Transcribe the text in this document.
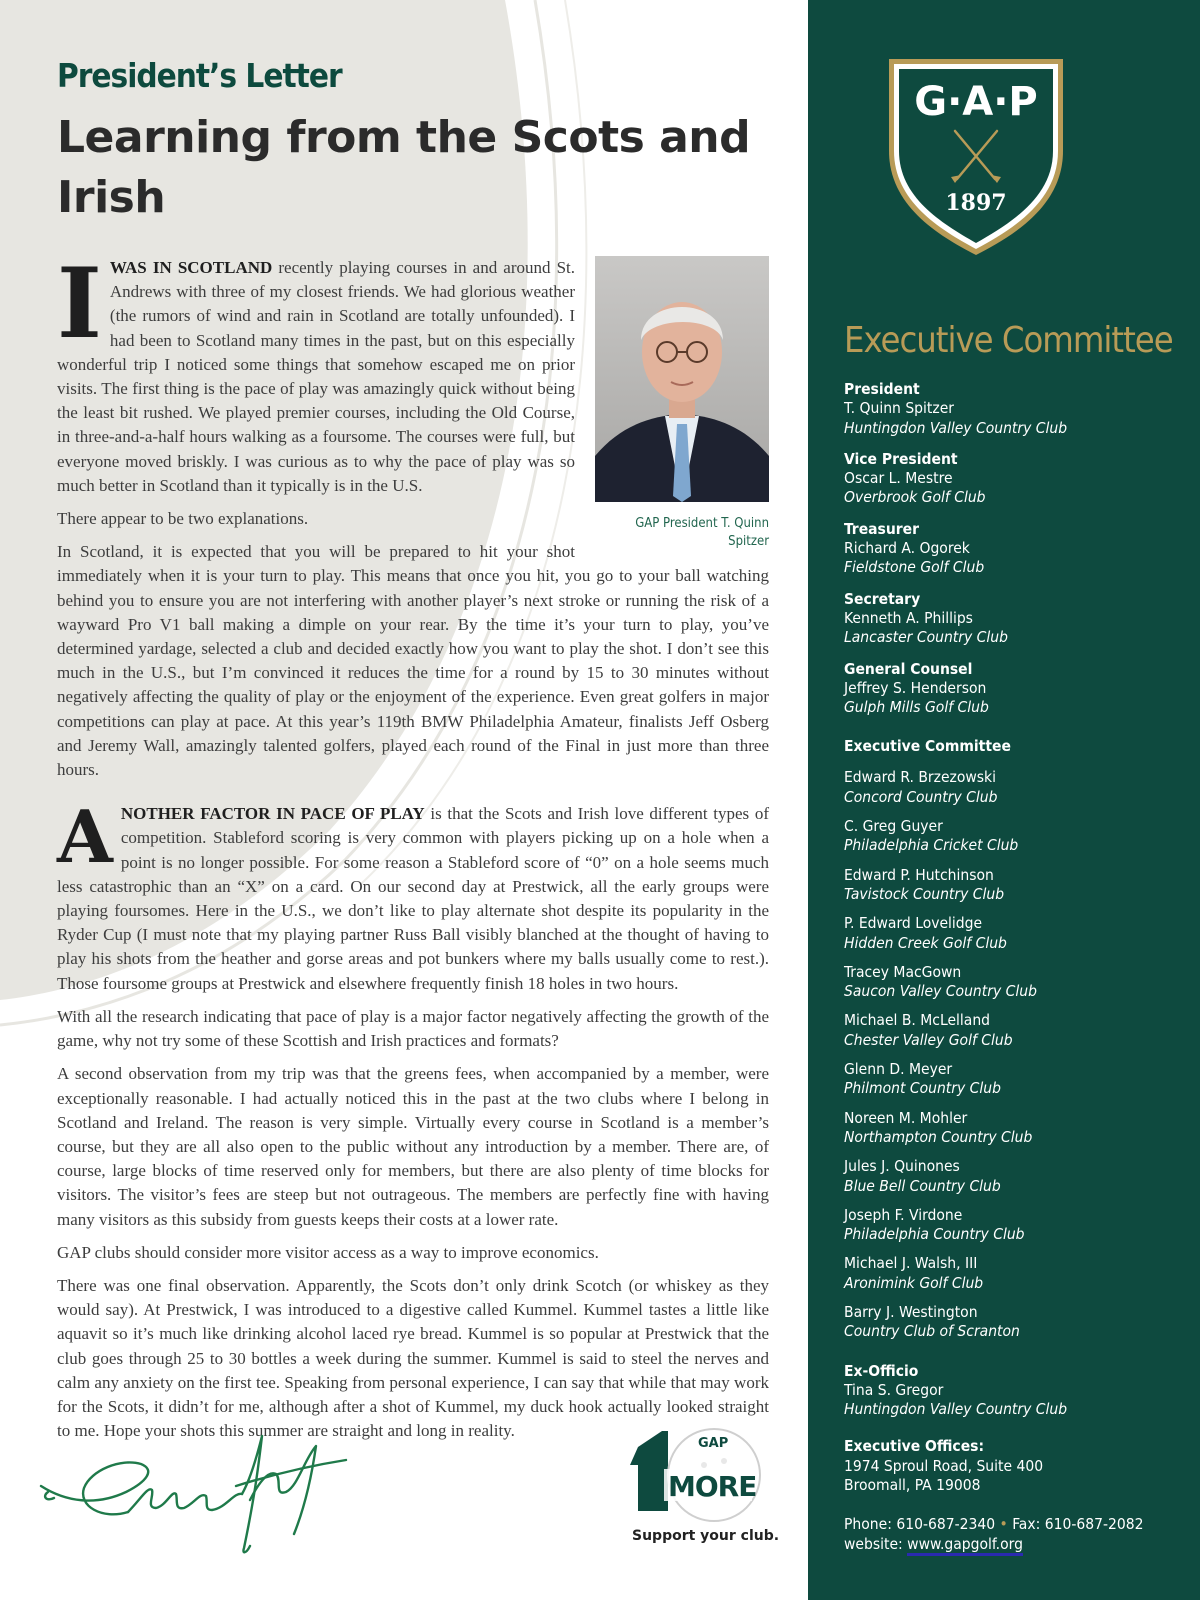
President’s Letter
Learning from the Scots and Irish
GAP President T. Quinn Spitzer

IWAS IN SCOTLAND recently playing courses in and around St. Andrews with three of my closest friends. We had glorious weather (the rumors of wind and rain in Scotland are totally unfounded). I had been to Scotland many times in the past, but on this especially wonderful trip I noticed some things that somehow escaped me on prior visits. The first thing is the pace of play was amazingly quick without being the least bit rushed. We played premier courses, including the Old Course, in three-and-a-half hours walking as a foursome. The courses were full, but everyone moved briskly. I was curious as to why the pace of play was so much better in Scotland than it typically is in the U.S.

There appear to be two explanations.

In Scotland, it is expected that you will be prepared to hit your shot immediately when it is your turn to play. This means that once you hit, you go to your ball watching behind you to ensure you are not interfering with another player’s next stroke or running the risk of a wayward Pro V1 ball making a dimple on your rear. By the time it’s your turn to play, you’ve determined yardage, selected a club and decided exactly how you want to play the shot. I don’t see this much in the U.S., but I’m convinced it reduces the time for a round by 15 to 30 minutes without negatively affecting the quality of play or the enjoyment of the experience. Even great golfers in major competitions can play at pace. At this year’s 119th BMW Philadelphia Amateur, finalists Jeff Osberg and Jeremy Wall, amazingly talented golfers, played each round of the Final in just more than three hours.

ANOTHER FACTOR IN PACE OF PLAY is that the Scots and Irish love different types of competition. Stableford scoring is very common with players picking up on a hole when a point is no longer possible. For some reason a Stableford score of “0” on a hole seems much less catastrophic than an “X” on a card. On our second day at Prestwick, all the early groups were playing foursomes. Here in the U.S., we don’t like to play alternate shot despite its popularity in the Ryder Cup (I must note that my playing partner Russ Ball visibly blanched at the thought of having to play his shots from the heather and gorse areas and pot bunkers where my balls usually come to rest.). Those foursome groups at Prestwick and elsewhere frequently finish 18 holes in two hours.

With all the research indicating that pace of play is a major factor negatively affecting the growth of the game, why not try some of these Scottish and Irish practices and formats?

A second observation from my trip was that the greens fees, when accompanied by a member, were exceptionally reasonable. I had actually noticed this in the past at the two clubs where I belong in Scotland and Ireland. The reason is very simple. Virtually every course in Scotland is a member’s course, but they are all also open to the public without any introduction by a member. There are, of course, large blocks of time reserved only for members, but there are also plenty of time blocks for visitors. The visitor’s fees are steep but not outrageous. The members are perfectly fine with having many visitors as this subsidy from guests keeps their costs at a lower rate.

GAP clubs should consider more visitor access as a way to improve economics.

There was one final observation. Apparently, the Scots don’t only drink Scotch (or whiskey as they would say). At Prestwick, I was introduced to a digestive called Kummel. Kummel tastes a little like aquavit so it’s much like drinking alcohol laced rye bread. Kummel is so popular at Prestwick that the club goes through 25 to 30 bottles a week during the summer. Kummel is said to steel the nerves and calm any anxiety on the first tee. Speaking from personal experience, I can say that while that may work for the Scots, it didn’t for me, although after a shot of Kummel, my duck hook actually looked straight to me. Hope your shots this summer are straight and long in reality.

GAP
MORE
Support your club.
G·A·P
1897
Executive Committee
President
T. Quinn Spitzer
Huntingdon Valley Country Club
Vice President
Oscar L. Mestre
Overbrook Golf Club
Treasurer
Richard A. Ogorek
Fieldstone Golf Club
Secretary
Kenneth A. Phillips
Lancaster Country Club
General Counsel
Jeffrey S. Henderson
Gulph Mills Golf Club
Executive Committee
Edward R. Brzezowski
Concord Country Club
C. Greg Guyer
Philadelphia Cricket Club
Edward P. Hutchinson
Tavistock Country Club
P. Edward Lovelidge
Hidden Creek Golf Club
Tracey MacGown
Saucon Valley Country Club
Michael B. McLelland
Chester Valley Golf Club
Glenn D. Meyer
Philmont Country Club
Noreen M. Mohler
Northampton Country Club
Jules J. Quinones
Blue Bell Country Club
Joseph F. Virdone
Philadelphia Country Club
Michael J. Walsh, III
Aronimink Golf Club
Barry J. Westington
Country Club of Scranton
Ex-Officio
Tina S. Gregor
Huntingdon Valley Country Club
Executive Offices:
1974 Sproul Road, Suite 400
Broomall, PA 19008
Phone: 610-687-2340 • Fax: 610-687-2082
website: www.gapgolf.org
